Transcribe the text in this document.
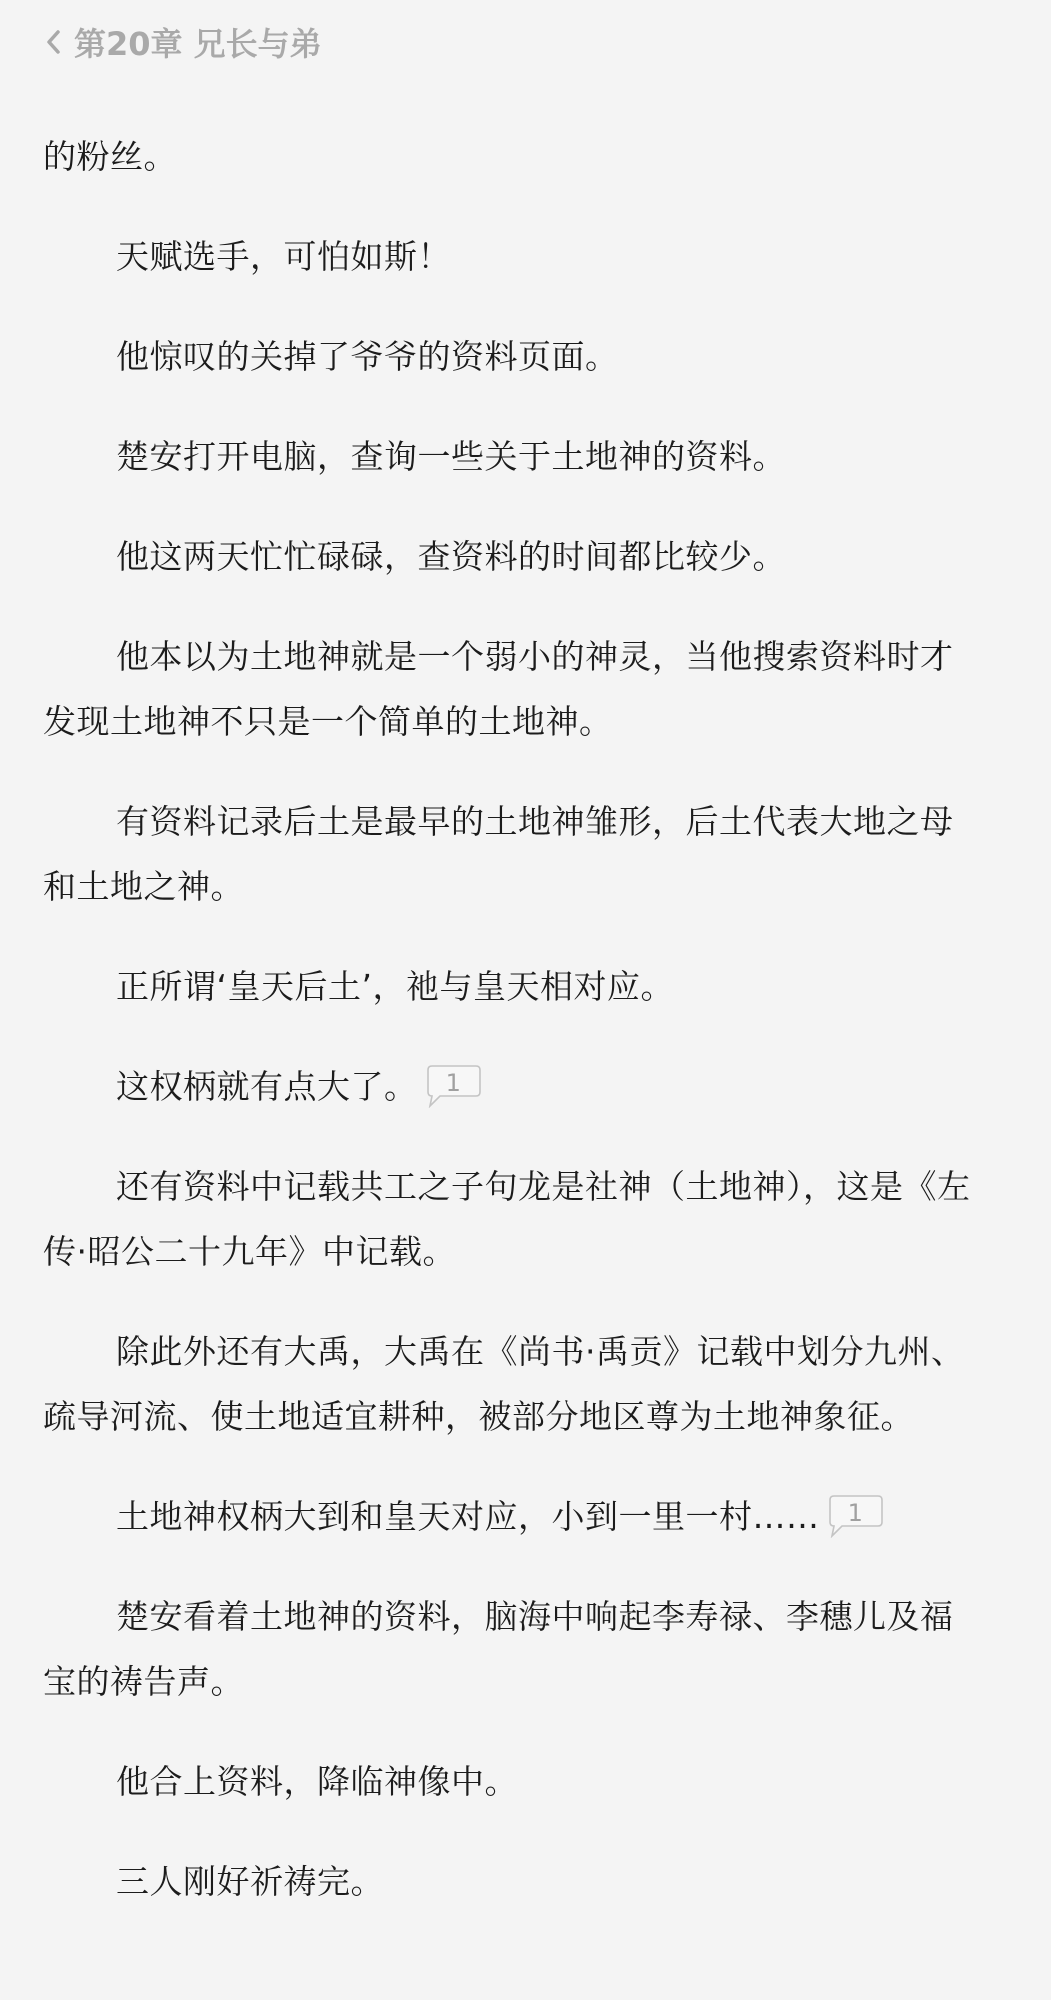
第20章 兄长与弟

的粉丝。

天赋选手，可怕如斯！

他惊叹的关掉了爷爷的资料页面。

楚安打开电脑，查询一些关于土地神的资料。

他这两天忙忙碌碌，查资料的时间都比较少。

他本以为土地神就是一个弱小的神灵，当他搜索资料时才发现土地神不只是一个简单的土地神。

有资料记录后土是最早的土地神雏形，后土代表大地之母和土地之神。

正所谓‘皇天后土’，祂与皇天相对应。

这权柄就有点大了。	1

还有资料中记载共工之子句龙是社神（土地神），这是《左传·昭公二十九年》中记载。

除此外还有大禹，大禹在《尚书·禹贡》记载中划分九州、疏导河流、使土地适宜耕种，被部分地区尊为土地神象征。

土地神权柄大到和皇天对应，小到一里一村……	1

楚安看着土地神的资料，脑海中响起李寿禄、李穗儿及福宝的祷告声。

他合上资料，降临神像中。

三人刚好祈祷完。
